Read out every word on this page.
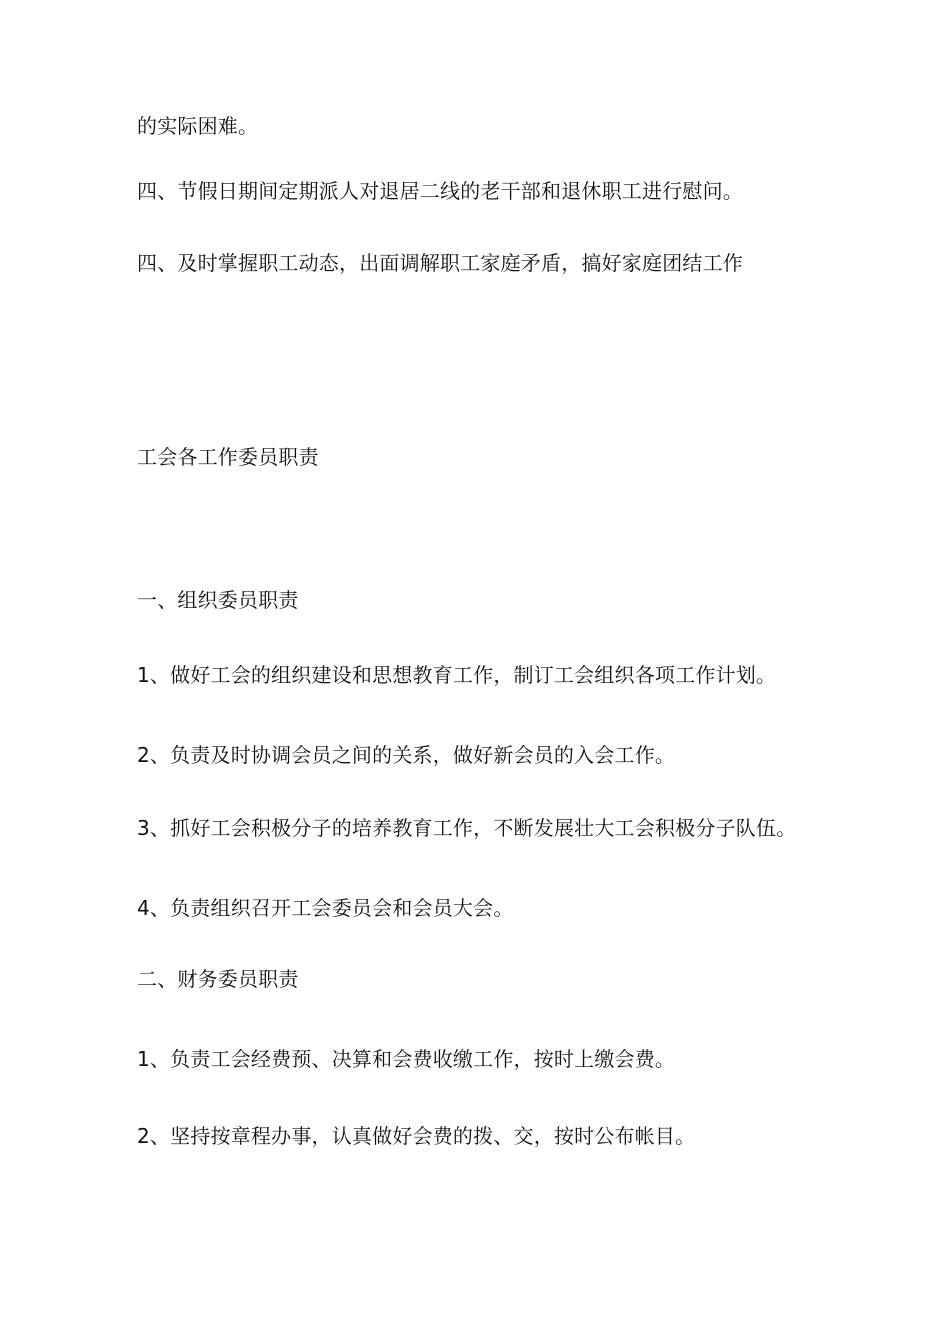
的实际困难。

四、节假日期间定期派人对退居二线的老干部和退休职工进行慰问。

四、及时掌握职工动态，出面调解职工家庭矛盾，搞好家庭团结工作

工会各工作委员职责

一、组织委员职责

1、做好工会的组织建设和思想教育工作，制订工会组织各项工作计划。

2、负责及时协调会员之间的关系，做好新会员的入会工作。

3、抓好工会积极分子的培养教育工作，不断发展壮大工会积极分子队伍。

4、负责组织召开工会委员会和会员大会。

二、财务委员职责

1、负责工会经费预、决算和会费收缴工作，按时上缴会费。

2、坚持按章程办事，认真做好会费的拨、交，按时公布帐目。
